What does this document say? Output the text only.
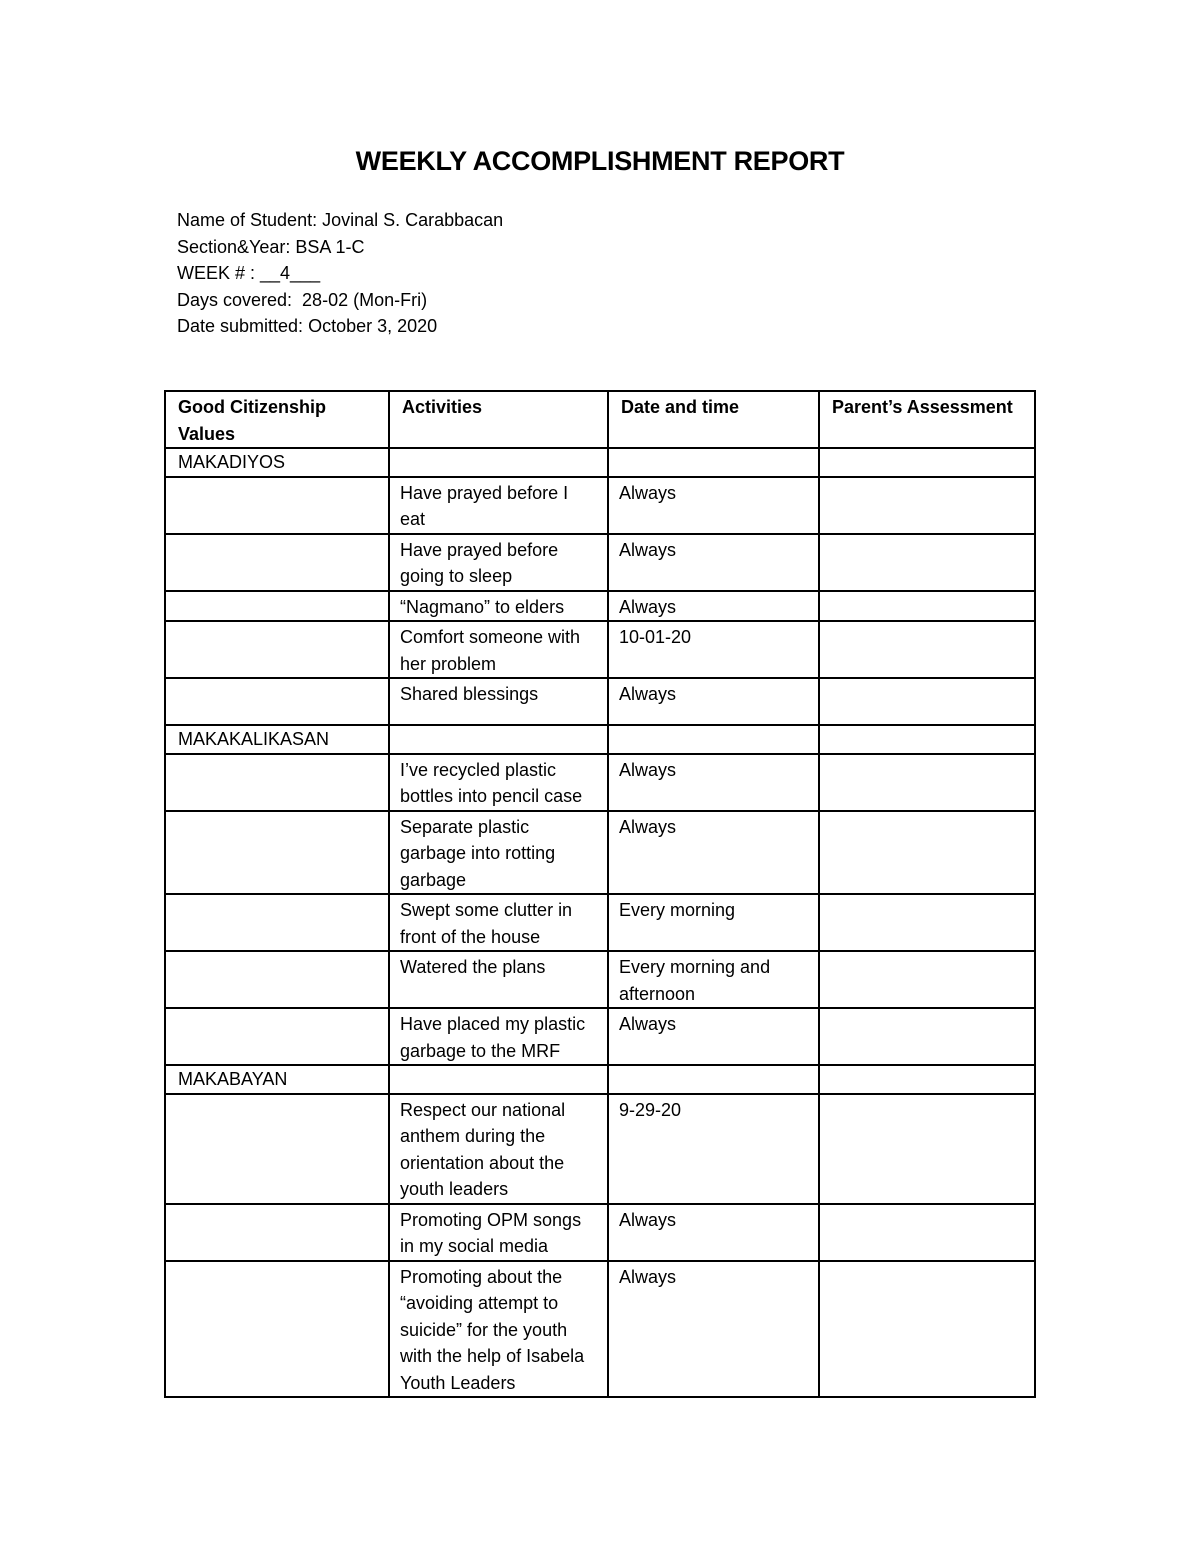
WEEKLY ACCOMPLISHMENT REPORT
Name of Student: Jovinal S. Carabbacan
Section&Year: BSA 1-C
WEEK # : __4___
Days covered:  28-02 (Mon-Fri)
Date submitted: October 3, 2020
Good Citizenship Values	Activities	Date and time	Parent’s Assessment
MAKADIYOS			
	Have prayed before I eat	Always	
	Have prayed before going to sleep	Always	
	“Nagmano” to elders	Always	
	Comfort someone with her problem	10-01-20	
	Shared blessings	Always	
MAKAKALIKASAN			
	I’ve recycled plastic bottles into pencil case	Always	
	Separate plastic garbage into rotting garbage	Always	
	Swept some clutter in front of the house	Every morning	
	Watered the plans	Every morning and afternoon	
	Have placed my plastic garbage to the MRF	Always	
MAKABAYAN			
	Respect our national anthem during the orientation about the youth leaders	9-29-20	
	Promoting OPM songs in my social media	Always	
	Promoting about the “avoiding attempt to suicide” for the youth with the help of Isabela Youth Leaders	Always	
